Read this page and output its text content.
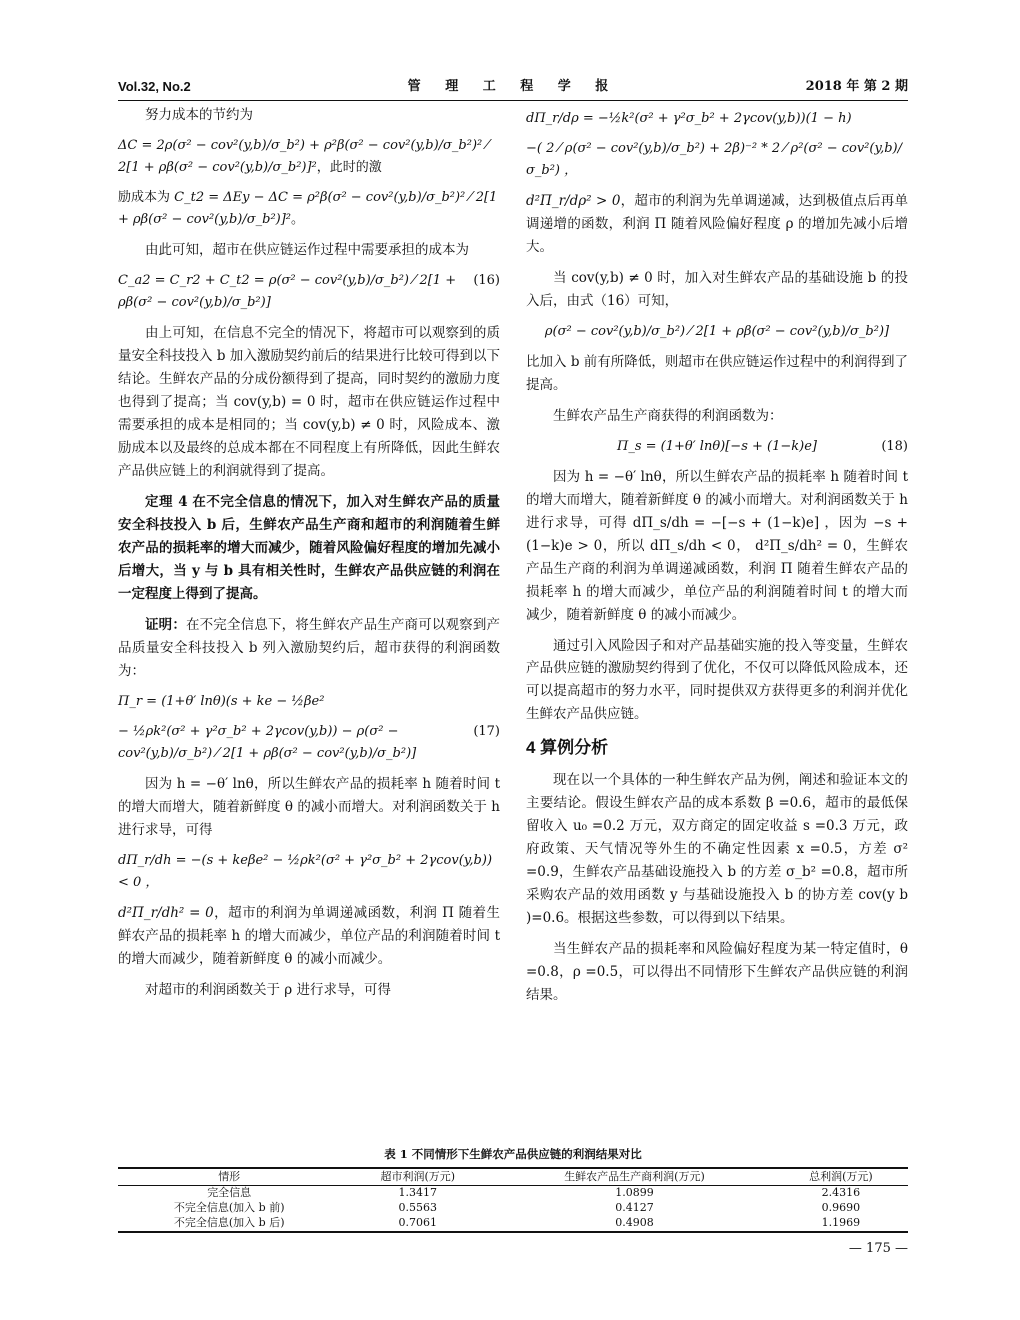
Vol.32, No.2	管 理 工 程 学 报	2018 年 第 2 期

努力成本的节约为

ΔC = 2ρ(σ² − cov²(y,b)/σ_b²) + ρ²β(σ² − cov²(y,b)/σ_b²)² ⁄ 2[1 + ρβ(σ² − cov²(y,b)/σ_b²)]²，此时的激
励成本为 C_t2 = ΔEy − ΔC = ρ²β(σ² − cov²(y,b)/σ_b²)² ⁄ 2[1 + ρβ(σ² − cov²(y,b)/σ_b²)]²。

由此可知，超市在供应链运作过程中需要承担的成本为

C_a2 = C_r2 + C_t2 = ρ(σ² − cov²(y,b)/σ_b²) ⁄ 2[1 + ρβ(σ² − cov²(y,b)/σ_b²)]
(16)

由上可知，在信息不完全的情况下，将超市可以观察到的质量安全科技投入 b 加入激励契约前后的结果进行比较可得到以下结论。生鲜农产品的分成份额得到了提高，同时契约的激励力度也得到了提高；当 cov(y,b) = 0 时，超市在供应链运作过程中需要承担的成本是相同的；当 cov(y,b) ≠ 0 时，风险成本、激励成本以及最终的总成本都在不同程度上有所降低，因此生鲜农产品供应链上的利润就得到了提高。

定理 4 在不完全信息的情况下，加入对生鲜农产品的质量安全科技投入 b 后，生鲜农产品生产商和超市的利润随着生鲜农产品的损耗率的增大而减少，随着风险偏好程度的增加先减小后增大，当 y 与 b 具有相关性时，生鲜农产品供应链的利润在一定程度上得到了提高。

证明：在不完全信息下，将生鲜农产品生产商可以观察到产品质量安全科技投入 b 列入激励契约后，超市获得的利润函数为：

Π_r = (1+θ′ lnθ)(s + ke − ½βe²
− ½ρk²(σ² + γ²σ_b² + 2γcov(y,b)) − ρ(σ² − cov²(y,b)/σ_b²) ⁄ 2[1 + ρβ(σ² − cov²(y,b)/σ_b²)]
(17)

因为 h = −θ′ lnθ，所以生鲜农产品的损耗率 h 随着时间 t 的增大而增大，随着新鲜度 θ 的减小而增大。对利润函数关于 h 进行求导，可得

dΠ_r/dh = −(s + keβe² − ½ρk²(σ² + γ²σ_b² + 2γcov(y,b)) < 0 ，

d²Π_r/dh² = 0，超市的利润为单调递减函数，利润 Π 随着生鲜农产品的损耗率 h 的增大而减少，单位产品的利润随着时间 t 的增大而减少，随着新鲜度 θ 的减小而减少。

对超市的利润函数关于 ρ 进行求导，可得

dΠ_r/dρ = −½k²(σ² + γ²σ_b² + 2γcov(y,b))(1 − h)
−( 2 ⁄ ρ(σ² − cov²(y,b)/σ_b²) + 2β)⁻² * 2 ⁄ ρ²(σ² − cov²(y,b)/σ_b²) ，

d²Π_r/dρ² > 0，超市的利润为先单调递减，达到极值点后再单调递增的函数，利润 Π 随着风险偏好程度 ρ 的增加先减小后增大。

当 cov(y,b) ≠ 0 时，加入对生鲜农产品的基础设施 b 的投入后，由式（16）可知，

ρ(σ² − cov²(y,b)/σ_b²) ⁄ 2[1 + ρβ(σ² − cov²(y,b)/σ_b²)]

比加入 b 前有所降低，则超市在供应链运作过程中的利润得到了提高。

生鲜农产品生产商获得的利润函数为：

Π_s = (1+θ′ lnθ)[−s + (1−k)e]	(18)

因为 h = −θ′ lnθ，所以生鲜农产品的损耗率 h 随着时间 t 的增大而增大，随着新鲜度 θ 的减小而增大。对利润函数关于 h 进行求导，可得 dΠ_s/dh = −[−s + (1−k)e] ，因为 −s + (1−k)e > 0，所以 dΠ_s/dh < 0， d²Π_s/dh² = 0，生鲜农产品生产商的利润为单调递减函数，利润 Π 随着生鲜农产品的损耗率 h 的增大而减少，单位产品的利润随着时间 t 的增大而减少，随着新鲜度 θ 的减小而减少。

通过引入风险因子和对产品基础实施的投入等变量，生鲜农产品供应链的激励契约得到了优化，不仅可以降低风险成本，还可以提高超市的努力水平，同时提供双方获得更多的利润并优化生鲜农产品供应链。

4 算例分析

现在以一个具体的一种生鲜农产品为例，阐述和验证本文的主要结论。假设生鲜农产品的成本系数 β =0.6，超市的最低保留收入 u₀ =0.2 万元，双方商定的固定收益 s =0.3 万元，政府政策、天气情况等外生的不确定性因素 x =0.5，方差 σ² =0.9，生鲜农产品基础设施投入 b 的方差 σ_b² =0.8，超市所采购农产品的效用函数 y 与基础设施投入 b 的协方差 cov(y b )=0.6。根据这些参数，可以得到以下结果。

当生鲜农产品的损耗率和风险偏好程度为某一特定值时，θ =0.8，ρ =0.5，可以得出不同情形下生鲜农产品供应链的利润结果。

表 1 不同情形下生鲜农产品供应链的利润结果对比
情形	超市利润(万元)	生鲜农产品生产商利润(万元)	总利润(万元)
完全信息	1.3417	1.0899	2.4316
不完全信息(加入 b 前)	0.5563	0.4127	0.9690
不完全信息(加入 b 后)	0.7061	0.4908	1.1969
— 175 —
